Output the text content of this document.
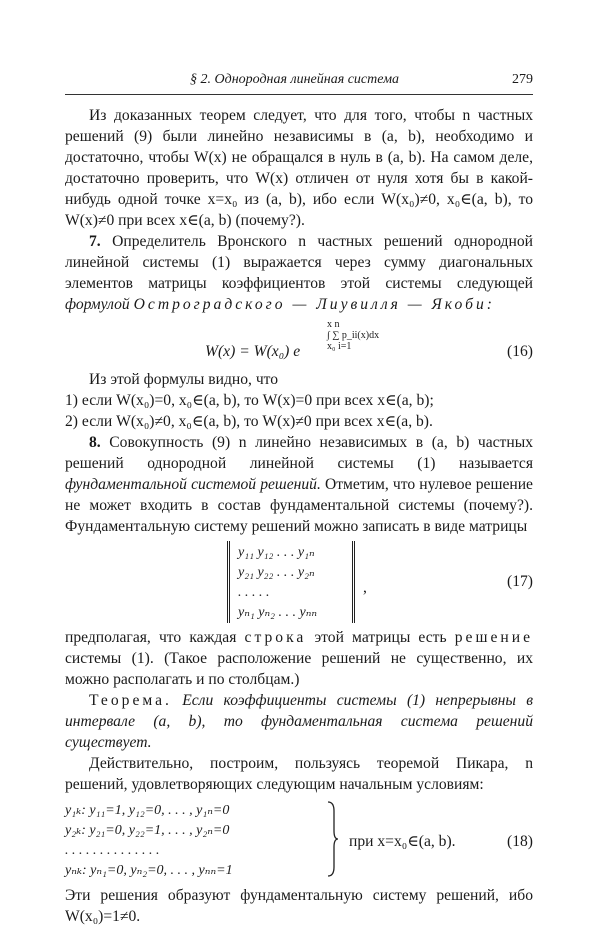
§ 2. Однородная линейная система	279

Из доказанных теорем следует, что для того, чтобы n частных решений (9) были линейно независимы в (a, b), необходимо и достаточно, чтобы W(x) не обращался в нуль в (a, b). На самом деле, достаточно проверить, что W(x) отличен от нуля хотя бы в какой-нибудь одной точке x=x₀ из (a, b), ибо если W(x₀)≠0, x₀∈(a, b), то W(x)≠0 при всех x∈(a, b) (почему?).

7. Определитель Вронского n частных решений однородной линейной системы (1) выражается через сумму диагональных элементов матрицы коэффициентов этой системы следующей формулой Остроградского — Лиувилля — Якоби:

W(x) = W(x₀) e
x n
∫ ∑ p_ii(x)dx
x₀ i=1	(16)

Из этой формулы видно, что

1) если W(x₀)=0, x₀∈(a, b), то W(x)=0 при всех x∈(a, b);

2) если W(x₀)≠0, x₀∈(a, b), то W(x)≠0 при всех x∈(a, b).

8. Совокупность (9) n линейно независимых в (a, b) частных решений однородной линейной системы (1) называется фундаментальной системой решений. Отметим, что нулевое решение не может входить в состав фундаментальной системы (почему?). Фундаментальную систему решений можно записать в виде матрицы

y₁₁ y₁₂ . . . y₁ₙ
y₂₁ y₂₂ . . . y₂ₙ
. . . . .
yₙ₁ yₙ₂ . . . yₙₙ
,	(17)

предполагая, что каждая строка этой матрицы есть решение системы (1). (Такое расположение решений не существенно, их можно располагать и по столбцам.)

Теорема. Если коэффициенты системы (1) непрерывны в интервале (a, b), то фундаментальная система решений существует.

Действительно, построим, пользуясь теоремой Пикара, n решений, удовлетворяющих следующим начальным условиям:

y₁ₖ: y₁₁=1, y₁₂=0, . . . , y₁ₙ=0
y₂ₖ: y₂₁=0, y₂₂=1, . . . , y₂ₙ=0
. . . . . . . . . . . . . .
yₙₖ: yₙ₁=0, yₙ₂=0, . . . , yₙₙ=1
при x=x₀∈(a, b).	(18)

Эти решения образуют фундаментальную систему решений, ибо W(x₀)=1≠0.
